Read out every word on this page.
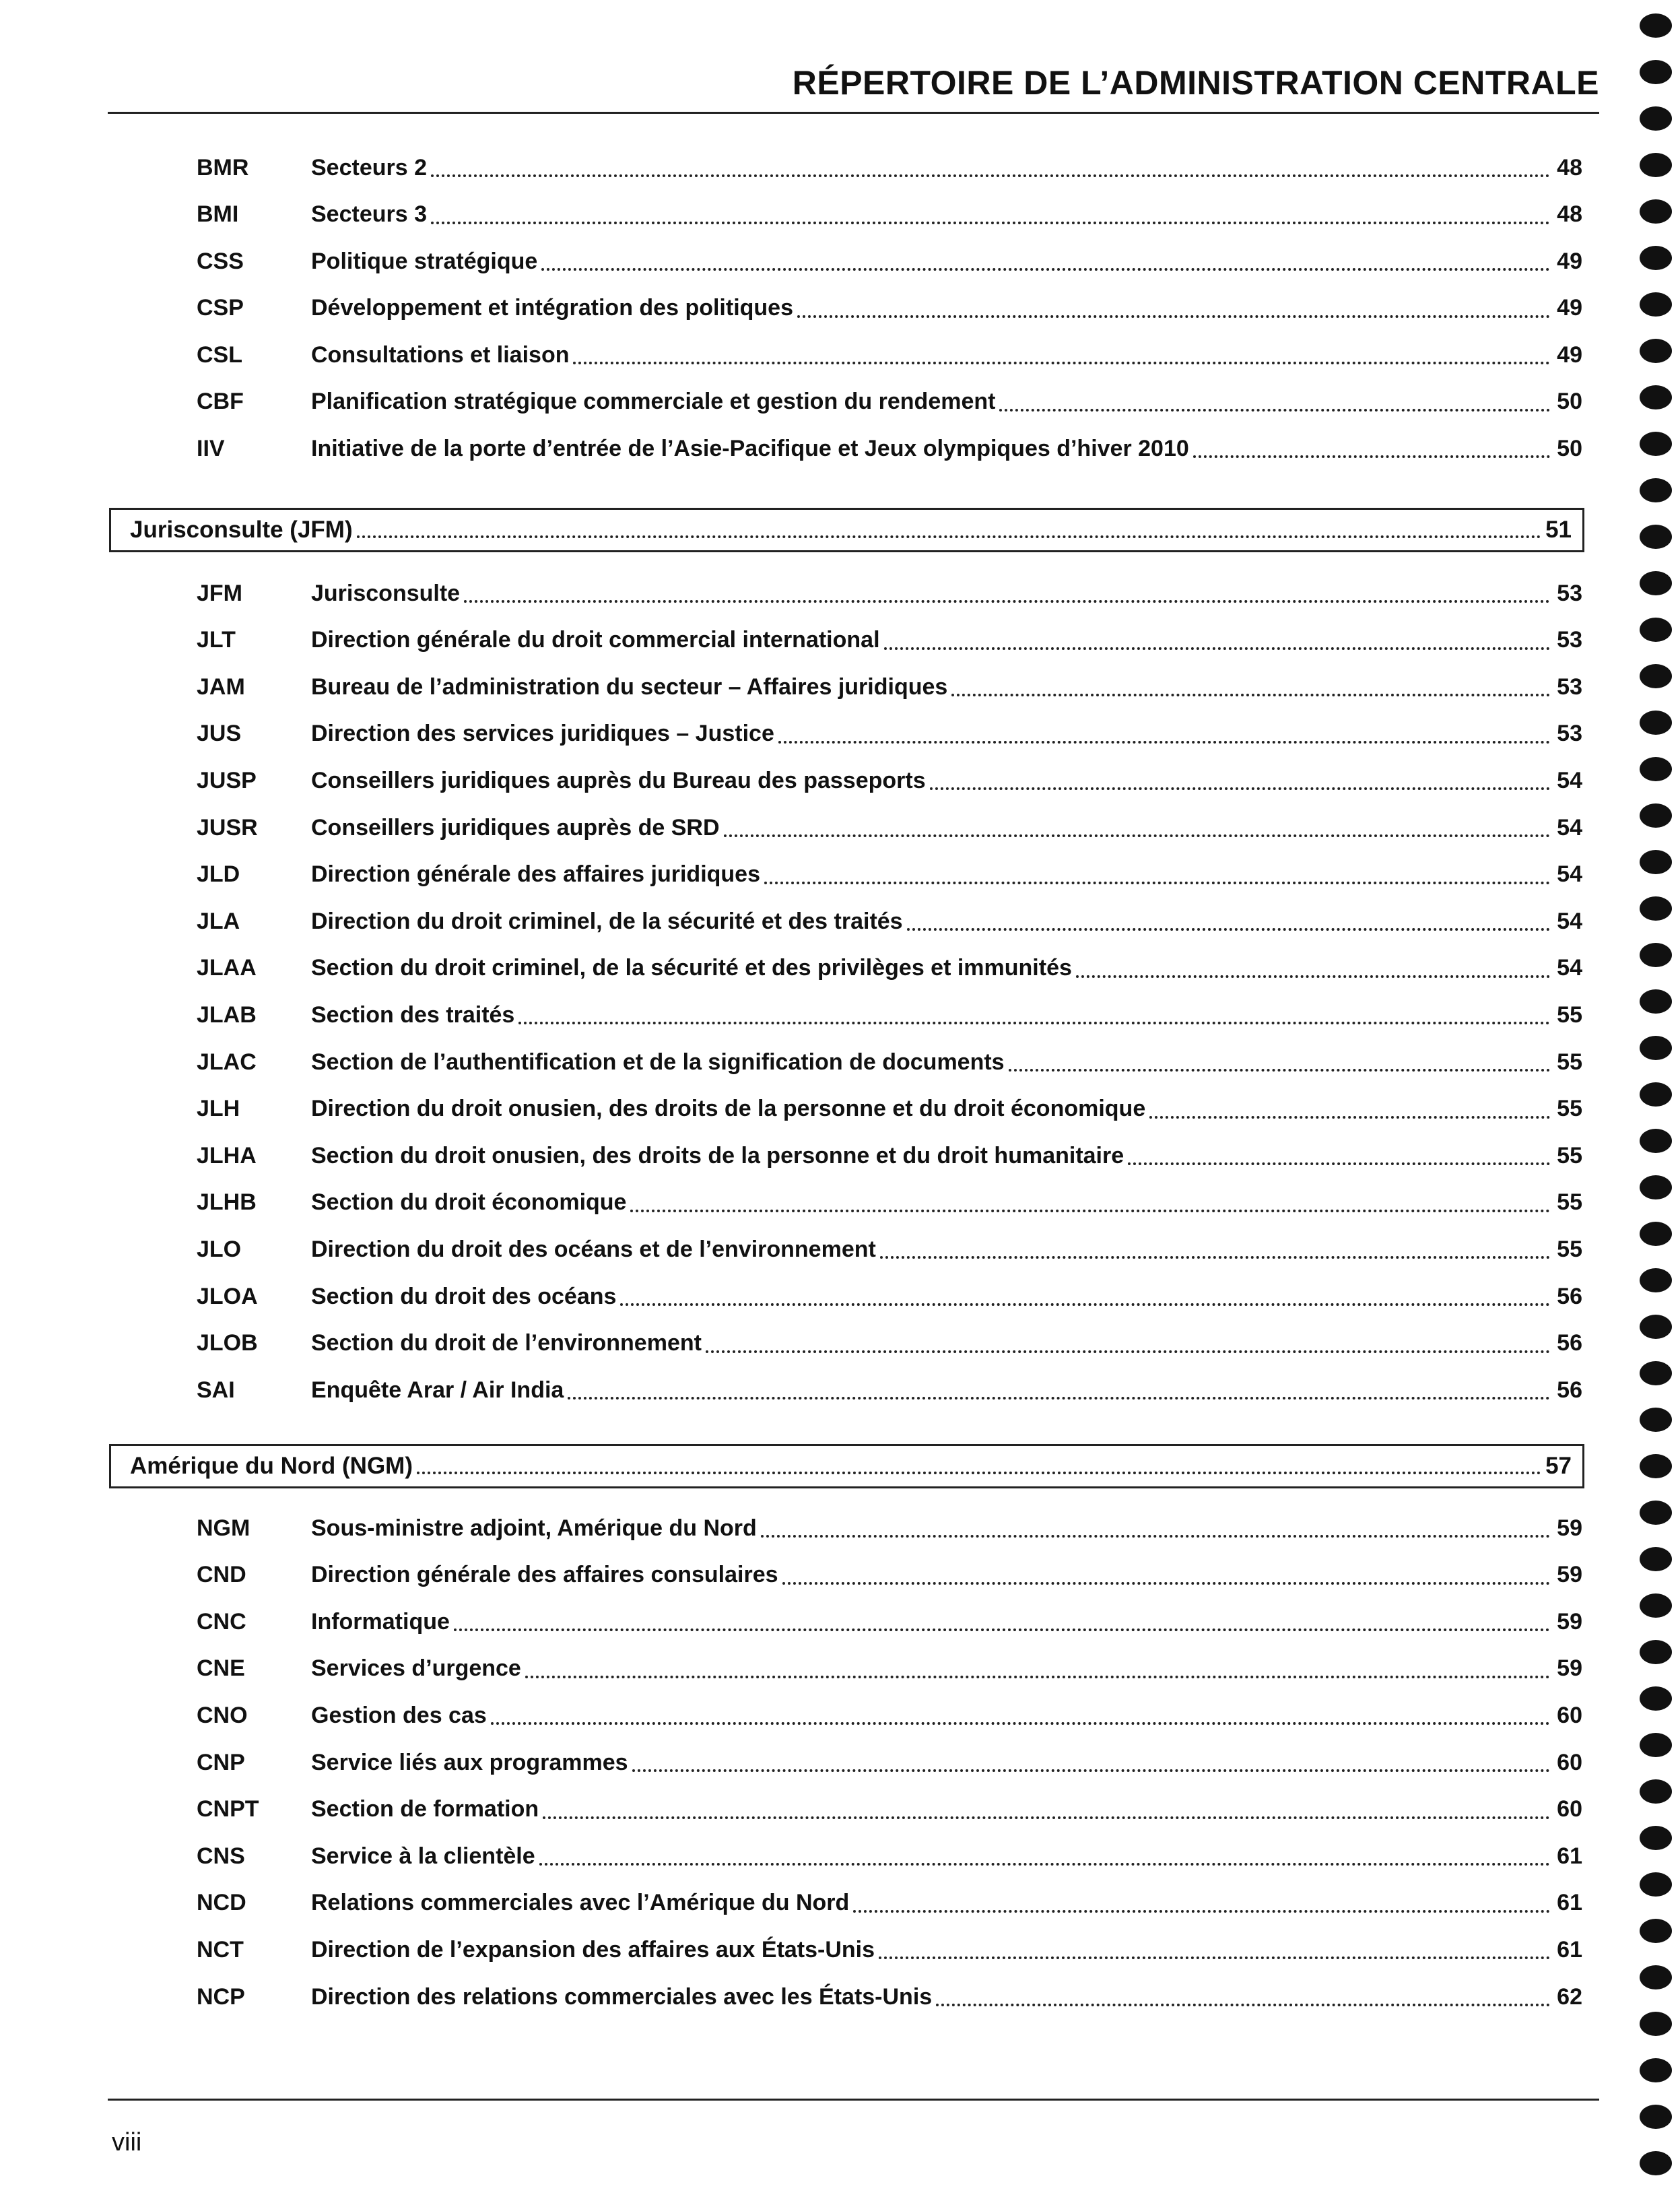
RÉPERTOIRE DE L’ADMINISTRATION CENTRALE
BMR	Secteurs 2	48
BMI	Secteurs 3	48
CSS	Politique stratégique	49
CSP	Développement et intégration des politiques	49
CSL	Consultations et liaison	49
CBF	Planification stratégique commerciale et gestion du rendement	50
IIV	Initiative de la porte d’entrée de l’Asie-Pacifique et Jeux olympiques d’hiver 2010	50
Jurisconsulte (JFM)	51
JFM	Jurisconsulte	53
JLT	Direction générale du droit commercial international	53
JAM	Bureau de l’administration du secteur – Affaires juridiques	53
JUS	Direction des services juridiques – Justice	53
JUSP	Conseillers juridiques auprès du Bureau des passeports	54
JUSR	Conseillers juridiques auprès de SRD	54
JLD	Direction générale des affaires juridiques	54
JLA	Direction du droit criminel, de la sécurité et des traités	54
JLAA	Section du droit criminel, de la sécurité et des privilèges et immunités	54
JLAB	Section des traités	55
JLAC	Section de l’authentification et de la signification de documents	55
JLH	Direction du droit onusien, des droits de la personne et du droit économique	55
JLHA	Section du droit onusien, des droits de la personne et du droit humanitaire	55
JLHB	Section du droit économique	55
JLO	Direction du droit des océans et de l’environnement	55
JLOA	Section du droit des océans	56
JLOB	Section du droit de l’environnement	56
SAI	Enquête Arar / Air India	56
Amérique du Nord (NGM)	57
NGM	Sous-ministre adjoint, Amérique du Nord	59
CND	Direction générale des affaires consulaires	59
CNC	Informatique	59
CNE	Services d’urgence	59
CNO	Gestion des cas	60
CNP	Service liés aux programmes	60
CNPT	Section de formation	60
CNS	Service à la clientèle	61
NCD	Relations commerciales avec l’Amérique du Nord	61
NCT	Direction de l’expansion des affaires aux États-Unis	61
NCP	Direction des relations commerciales avec les États-Unis	62
viii
